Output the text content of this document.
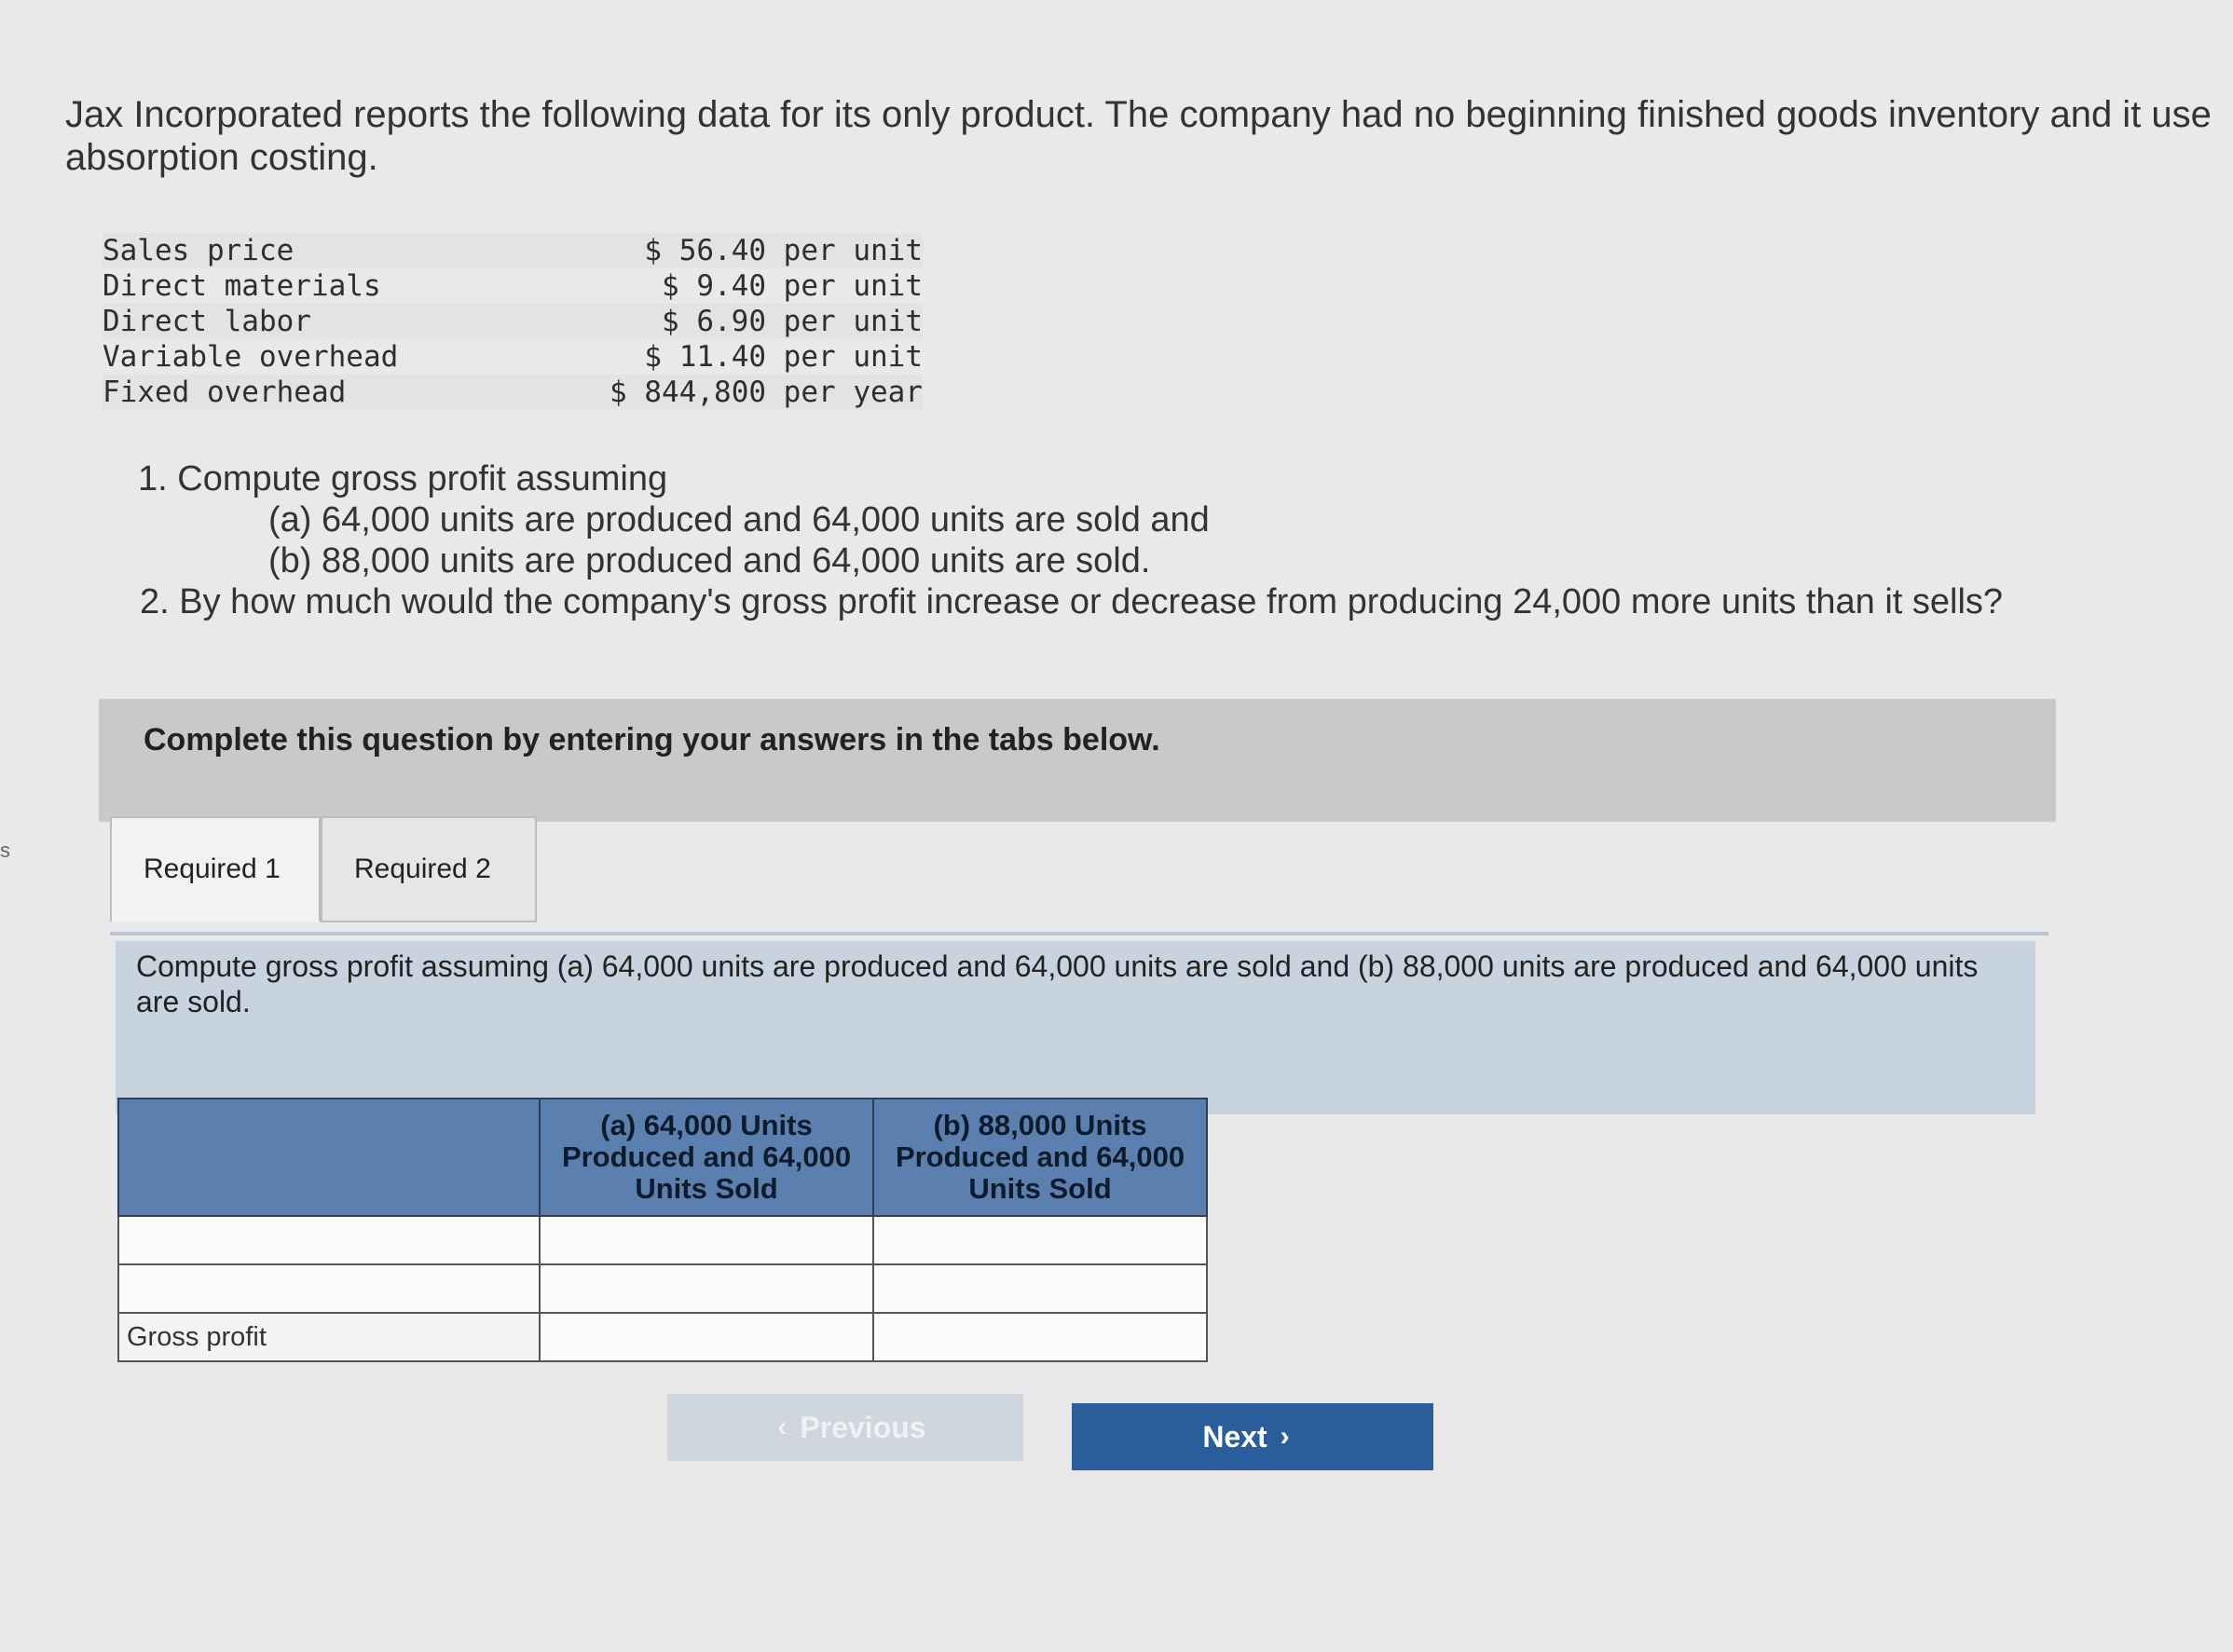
s
Jax Incorporated reports the following data for its only product. The company had no beginning finished goods inventory and it use
absorption costing.
Sales price	$ 56.40 per unit
Direct materials	$ 9.40 per unit
Direct labor	$ 6.90 per unit
Variable overhead	$ 11.40 per unit
Fixed overhead	$ 844,800 per year
1. Compute gross profit assuming
(a) 64,000 units are produced and 64,000 units are sold and
(b) 88,000 units are produced and 64,000 units are sold.
2. By how much would the company's gross profit increase or decrease from producing 24,000 more units than it sells?
Complete this question by entering your answers in the tabs below.
Required 1	Required 2
Compute gross profit assuming (a) 64,000 units are produced and 64,000 units are sold and (b) 88,000 units are produced and 64,000 units are sold.
	(a) 64,000 Units Produced and 64,000 Units Sold	(b) 88,000 Units Produced and 64,000 Units Sold

Gross profit		
‹ Previous	Next ›
